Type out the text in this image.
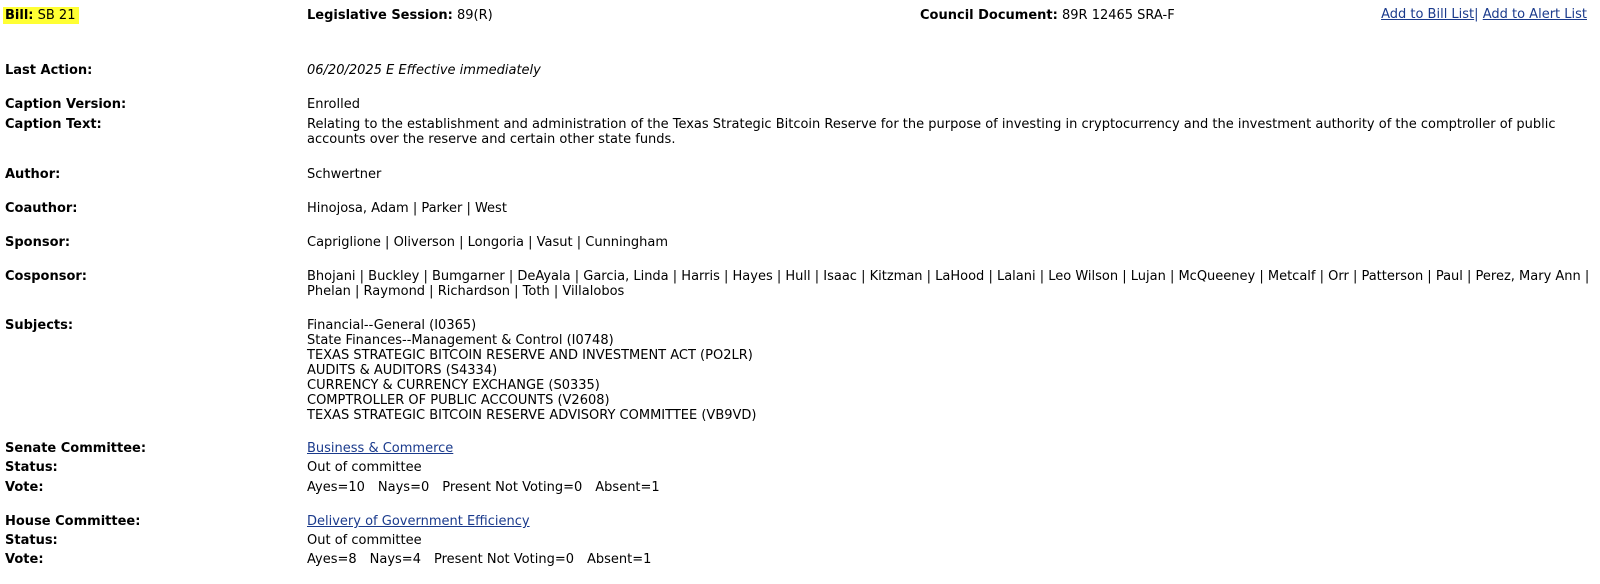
Bill: SB 21	Legislative Session: 89(R)	Council Document: 89R 12465 SRA-F	Add to Bill List| Add to Alert List
Last Action:	06/20/2025 E Effective immediately
Caption Version:	Enrolled
Caption Text:	Relating to the establishment and administration of the Texas Strategic Bitcoin Reserve for the purpose of investing in cryptocurrency and the investment authority of the comptroller of public accounts over the reserve and certain other state funds.
Author:	Schwertner
Coauthor:	Hinojosa, Adam | Parker | West
Sponsor:	Capriglione | Oliverson | Longoria | Vasut | Cunningham
Cosponsor:	Bhojani | Buckley | Bumgarner | DeAyala | Garcia, Linda | Harris | Hayes | Hull | Isaac | Kitzman | LaHood | Lalani | Leo Wilson | Lujan | McQueeney | Metcalf | Orr | Patterson | Paul | Perez, Mary Ann | Phelan | Raymond | Richardson | Toth | Villalobos
Subjects:	Financial--General (I0365)
State Finances--Management & Control (I0748)
TEXAS STRATEGIC BITCOIN RESERVE AND INVESTMENT ACT (PO2LR)
AUDITS & AUDITORS (S4334)
CURRENCY & CURRENCY EXCHANGE (S0335)
COMPTROLLER OF PUBLIC ACCOUNTS (V2608)
TEXAS STRATEGIC BITCOIN RESERVE ADVISORY COMMITTEE (VB9VD)
Senate Committee:	Business & Commerce
Status:	Out of committee
Vote:	Ayes=10 Nays=0 Present Not Voting=0 Absent=1
House Committee:	Delivery of Government Efficiency
Status:	Out of committee
Vote:	Ayes=8 Nays=4 Present Not Voting=0 Absent=1
